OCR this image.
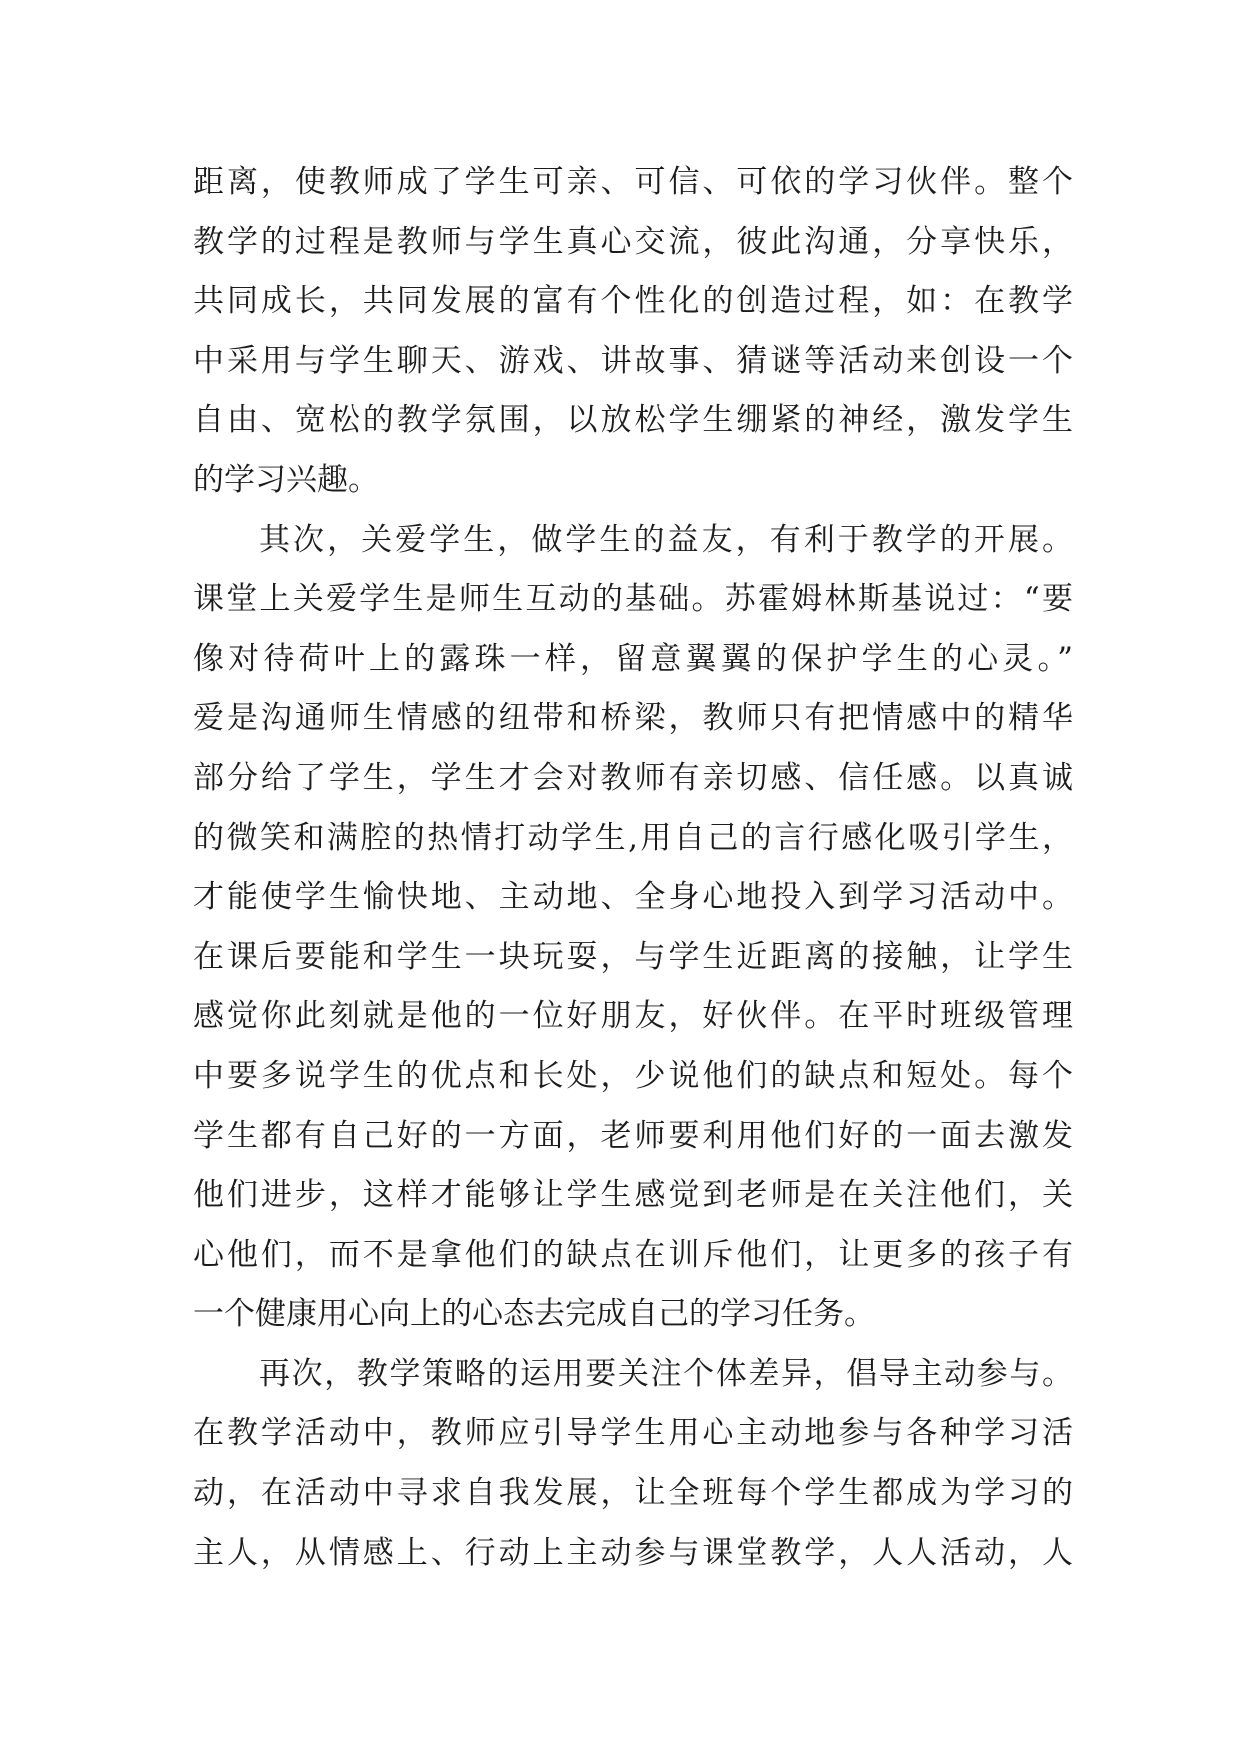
距离，使教师成了学生可亲、可信、可依的学习伙伴。整个
教学的过程是教师与学生真心交流，彼此沟通，分享快乐，
共同成长，共同发展的富有个性化的创造过程，如：在教学
中采用与学生聊天、游戏、讲故事、猜谜等活动来创设一个
自由、宽松的教学氛围，以放松学生绷紧的神经，激发学生
的学习兴趣。
其次，关爱学生，做学生的益友，有利于教学的开展。
课堂上关爱学生是师生互动的基础。苏霍姆林斯基说过：“要
像对待荷叶上的露珠一样，留意翼翼的保护学生的心灵。”
爱是沟通师生情感的纽带和桥梁，教师只有把情感中的精华
部分给了学生，学生才会对教师有亲切感、信任感。以真诚
的微笑和满腔的热情打动学生,用自己的言行感化吸引学生，
才能使学生愉快地、主动地、全身心地投入到学习活动中。
在课后要能和学生一块玩耍，与学生近距离的接触，让学生
感觉你此刻就是他的一位好朋友，好伙伴。在平时班级管理
中要多说学生的优点和长处，少说他们的缺点和短处。每个
学生都有自己好的一方面，老师要利用他们好的一面去激发
他们进步，这样才能够让学生感觉到老师是在关注他们，关
心他们，而不是拿他们的缺点在训斥他们，让更多的孩子有
一个健康用心向上的心态去完成自己的学习任务。
再次，教学策略的运用要关注个体差异，倡导主动参与。
在教学活动中，教师应引导学生用心主动地参与各种学习活
动，在活动中寻求自我发展，让全班每个学生都成为学习的
主人，从情感上、行动上主动参与课堂教学，人人活动，人
